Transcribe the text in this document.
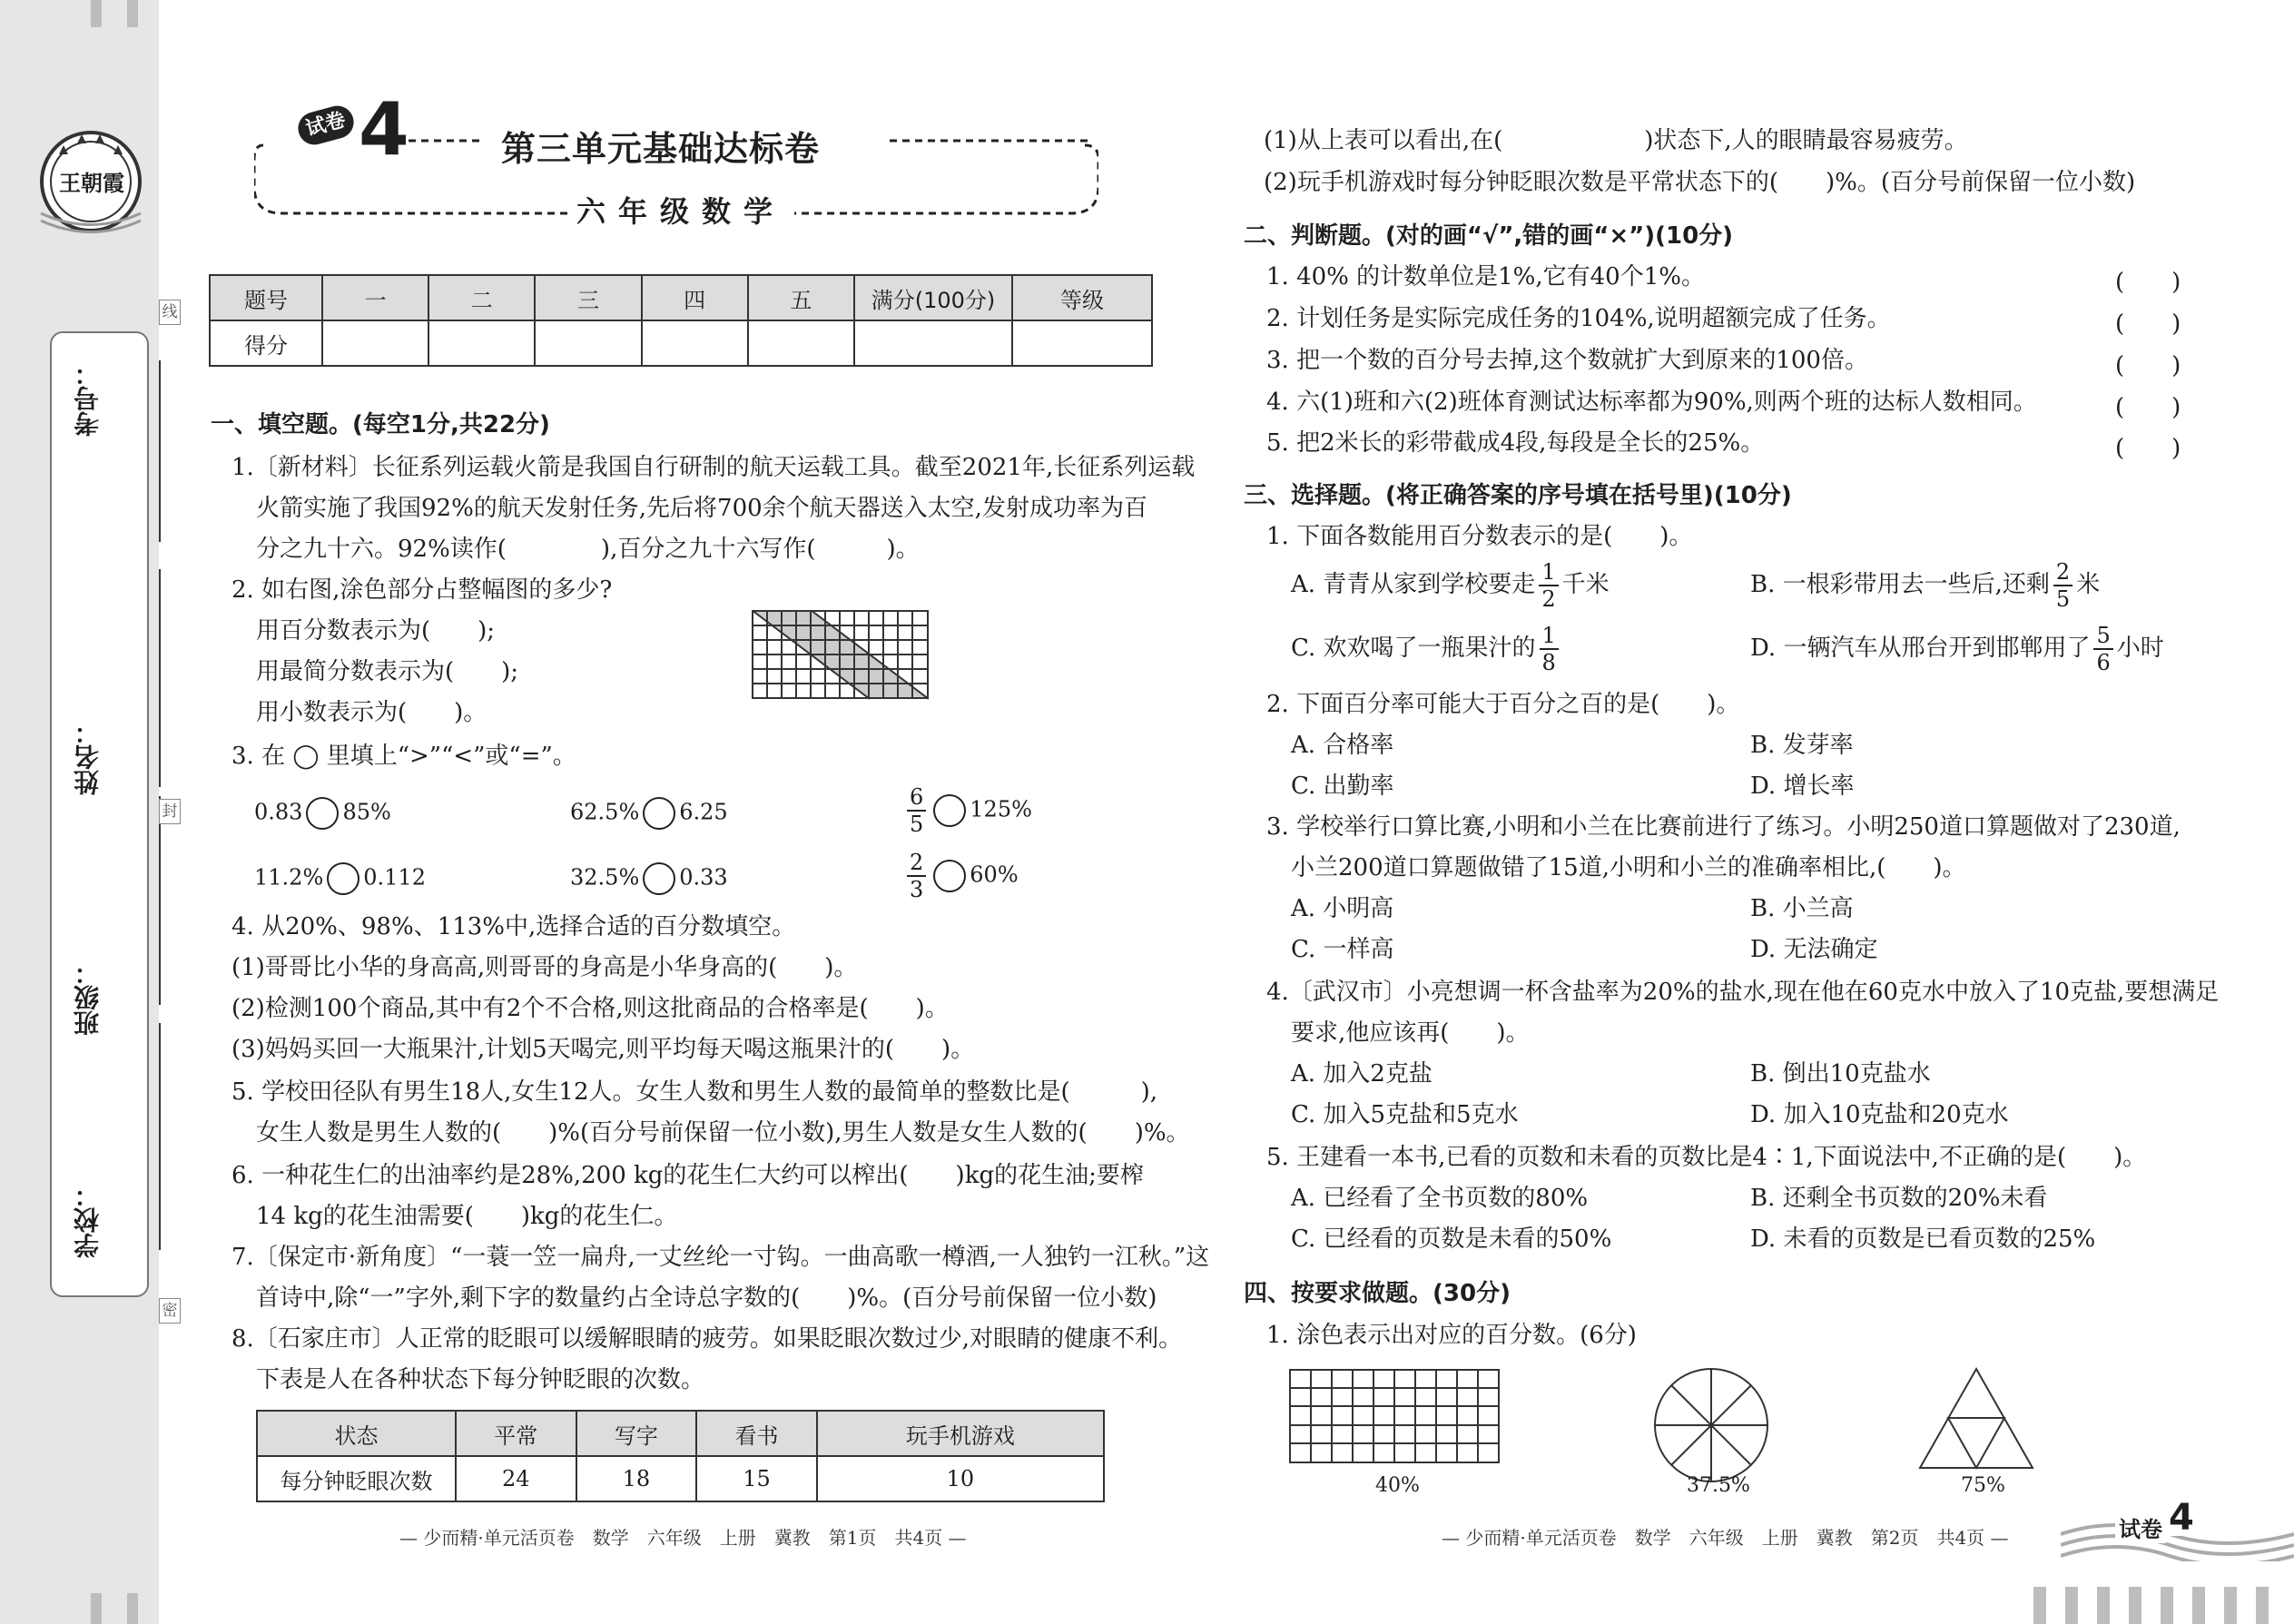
考号：
姓名：
班级：
学校：
线
封
密
王朝霞
试卷 4	第三单元基础达标卷
六年级数学
题号	一	二	三	四	五	满分(100分)	等级
得分							
一、填空题。(每空1分,共22分)
1.〔新材料〕长征系列运载火箭是我国自行研制的航天运载工具。截至2021年,长征系列运载
火箭实施了我国92%的航天发射任务,先后将700余个航天器送入太空,发射成功率为百
分之九十六。92%读作(　　　　),百分之九十六写作(　　　)。
2. 如右图,涂色部分占整幅图的多少?
用百分数表示为(　　);
用最简分数表示为(　　);
用小数表示为(　　)。
3. 在 ◯ 里填上“>”“<”或“=”。
0.83 85%	62.5% 6.25	$\frac{6}{5} 125\%$
11.2% 0.112	32.5% 0.33	$\frac{2}{3} 60\%$
4. 从20%、98%、113%中,选择合适的百分数填空。
(1)哥哥比小华的身高高,则哥哥的身高是小华身高的(　　)。
(2)检测100个商品,其中有2个不合格,则这批商品的合格率是(　　)。
(3)妈妈买回一大瓶果汁,计划5天喝完,则平均每天喝这瓶果汁的(　　)。
5. 学校田径队有男生18人,女生12人。女生人数和男生人数的最简单的整数比是(　　　),
女生人数是男生人数的(　　)%(百分号前保留一位小数),男生人数是女生人数的(　　)%。
6. 一种花生仁的出油率约是28%,200 kg的花生仁大约可以榨出(　　)kg的花生油;要榨
14 kg的花生油需要(　　)kg的花生仁。
7.〔保定市·新角度〕“一蓑一笠一扁舟,一丈丝纶一寸钩。一曲高歌一樽酒,一人独钓一江秋。”这
首诗中,除“一”字外,剩下字的数量约占全诗总字数的(　　)%。(百分号前保留一位小数)
8.〔石家庄市〕人正常的眨眼可以缓解眼睛的疲劳。如果眨眼次数过少,对眼睛的健康不利。
下表是人在各种状态下每分钟眨眼的次数。
状态	平常	写字	看书	玩手机游戏
每分钟眨眼次数	24	18	15	10
— 少而精·单元活页卷　数学　六年级　上册　冀教　第1页　共4页 —
(1)从上表可以看出,在(　　　　　　)状态下,人的眼睛最容易疲劳。
(2)玩手机游戏时每分钟眨眼次数是平常状态下的(　　)%。(百分号前保留一位小数)
二、判断题。(对的画“√”,错的画“×”)(10分)
1. 40% 的计数单位是1%,它有40个1%。	(　　)
2. 计划任务是实际完成任务的104%,说明超额完成了任务。	(　　)
3. 把一个数的百分号去掉,这个数就扩大到原来的100倍。	(　　)
4. 六(1)班和六(2)班体育测试达标率都为90%,则两个班的达标人数相同。	(　　)
5. 把2米长的彩带截成4段,每段是全长的25%。	(　　)
三、选择题。(将正确答案的序号填在括号里)(10分)
1. 下面各数能用百分数表示的是(　　)。
A. 青青从家到学校要走 $\frac{1}{2}$ 千米	B. 一根彩带用去一些后,还剩 $\frac{2}{5}$ 米
C. 欢欢喝了一瓶果汁的 $\frac{1}{8}$	D. 一辆汽车从邢台开到邯郸用了 $\frac{5}{6}$ 小时
2. 下面百分率可能大于百分之百的是(　　)。
A. 合格率	B. 发芽率
C. 出勤率	D. 增长率
3. 学校举行口算比赛,小明和小兰在比赛前进行了练习。小明250道口算题做对了230道,
小兰200道口算题做错了15道,小明和小兰的准确率相比,(　　)。
A. 小明高	B. 小兰高
C. 一样高	D. 无法确定
4.〔武汉市〕小亮想调一杯含盐率为20%的盐水,现在他在60克水中放入了10克盐,要想满足
要求,他应该再(　　)。
A. 加入2克盐	B. 倒出10克盐水
C. 加入5克盐和5克水	D. 加入10克盐和20克水
5. 王建看一本书,已看的页数和未看的页数比是4∶1,下面说法中,不正确的是(　　)。
A. 已经看了全书页数的80%	B. 还剩全书页数的20%未看
C. 已经看的页数是未看的50%	D. 未看的页数是已看页数的25%
四、按要求做题。(30分)
1. 涂色表示出对应的百分数。(6分)
40%	37.5%	75%
— 少而精·单元活页卷　数学　六年级　上册　冀教　第2页　共4页 —	试卷 4
